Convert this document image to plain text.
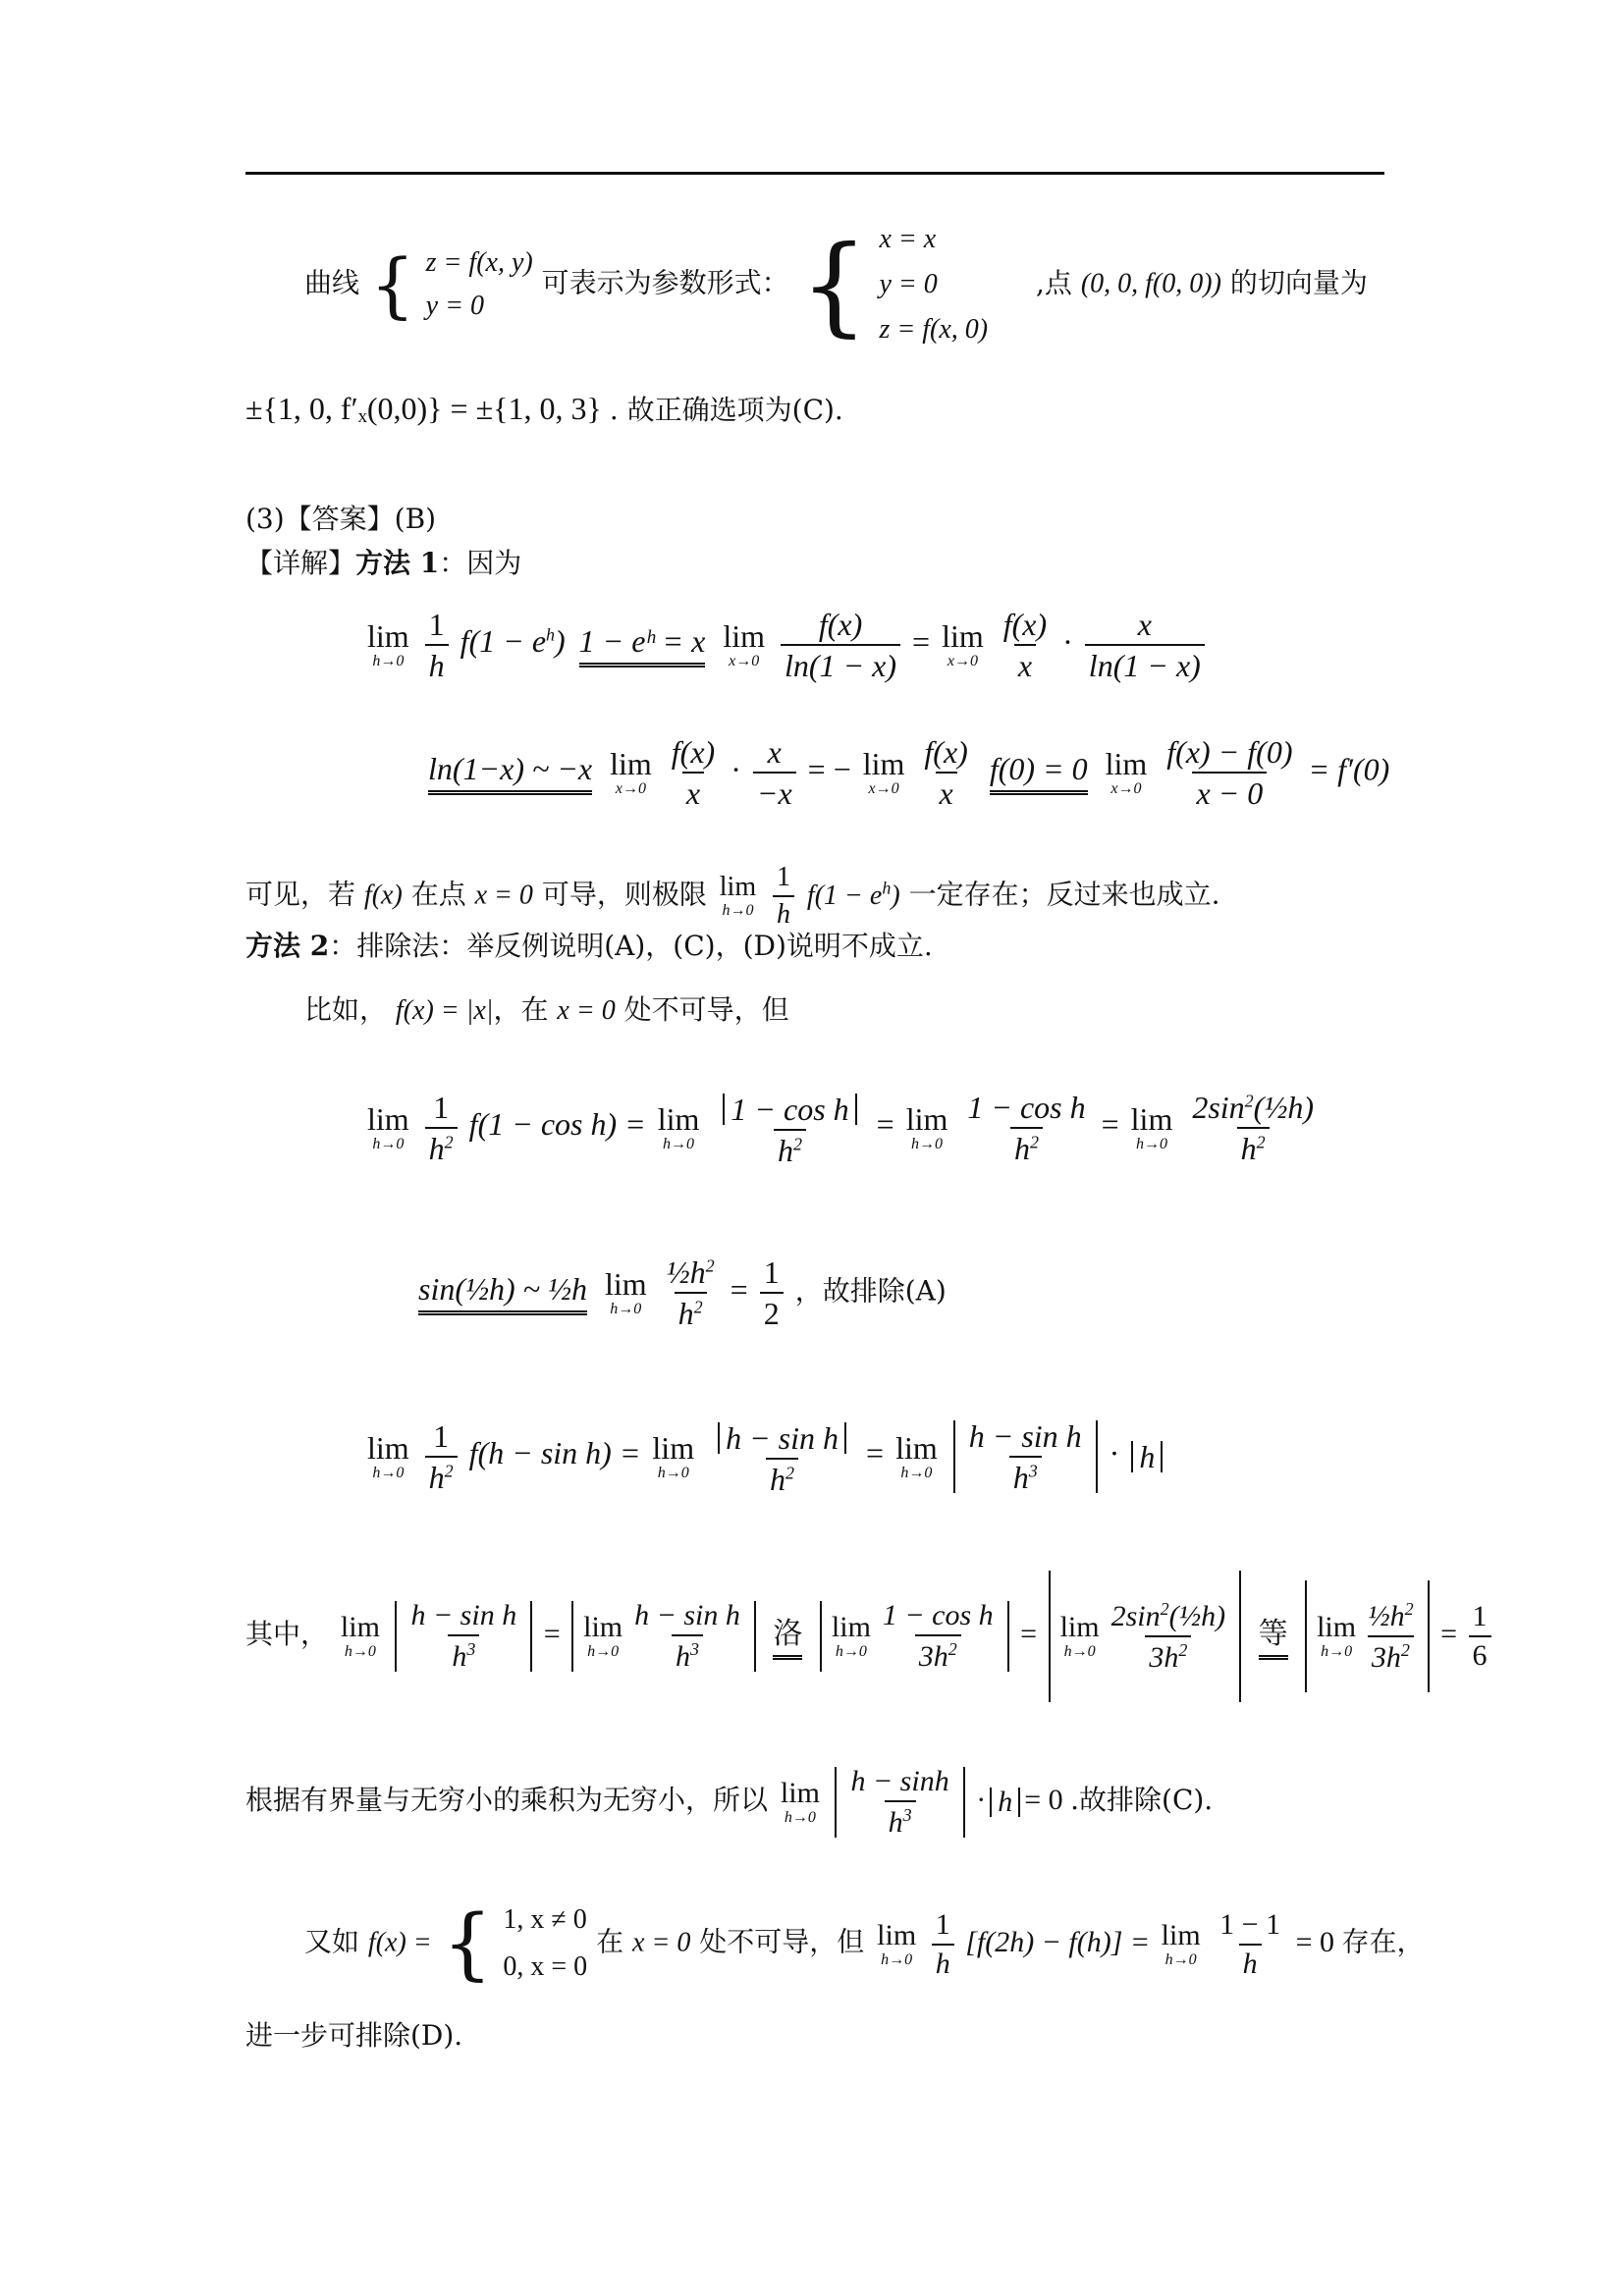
曲线 { z = f(x, y)
y = 0
可表示为参数形式： { x = x
y = 0
z = f(x, 0)
,点 (0, 0, f(0, 0)) 的切向量为
±{1, 0, f′ₓ(0,0)} = ±{1, 0, 3} . 故正确选项为(C).
(3)【答案】(B)
【详解】方法 1：因为
lim
h→0
$\frac{1}{h} f(1 - e^h) 1$ − eʰ = x lim
x→0
$\frac{f(x)}{\ln(1 - x)} = \lim$
x→0
$\frac{f(x)}{x} \cdot \frac{x}{\ln(1 - x)}$
ln(1−x) ~ −x lim
x→0
$\frac{f(x)}{x} \cdot \frac{x}{-x}$ = − lim
x→0
$\frac{f(x)}{x} f(0) = 0$ lim
x→0
$\frac{f(x) - f(0)}{x - 0} = f'(0)$
可见，若 f(x) 在点 x = 0 可导，则极限 lim
h→0
$\frac{1}{h} f(1 - e^h)$ 一定存在；反过来也成立.
方法 2：排除法：举反例说明(A)，(C)，(D)说明不成立.
比如， f(x) = |x|，在 x = 0 处不可导，但
lim
h→0
$\frac{1}{h^2} f(1 - \cos h) = \lim$
h→0
$\frac{\text{1 − cos h}}{h^2} = \lim$
h→0
$\frac{\text{1 − cos h}}{h^2} = \lim$
h→0
$\frac{2\sin^2(\frac{1}{2}h)}{h^2}$
sin(½h) ~ ½h lim
h→0
$\frac{\frac{1}{2}h^2}{h^2} = \frac{1}{2}$ ，故排除(A)
lim
h→0
$\frac{1}{h^2} f(h - \sin h) = \lim$
h→0
$\frac{\text{h − sin h}}{h^2} = \lim$
h→0
$\frac{\text{h − sin h}}{h^3} \cdot h$
其中， lim
h→0
$\frac{\text{h − sin h}}{h^3} = \lim$
$h\to 0 \frac{\text{h − sin h}}{h^3}$ 洛 lim
$h\to 0 \frac{\text{1 − cos h}}{3h^2} = \lim$
$h\to 0 \frac{2\sin^2(\frac{1}{2}h)}{3h^2}$ 等 lim
$h\to 0 \frac{\frac{1}{2}h^2}{3h^2} = \frac{1}{6}$
根据有界量与无穷小的乘积为无穷小，所以 lim
h→0
$\frac{h - \sinh}{h^3} \cdot h = 0$ .故排除(C).
又如 f(x) = { 1, x ≠ 0
0, x = 0
在 x = 0 处不可导，但 lim
h→0
$\frac{1}{h} [f(2h) - f(h)] = \lim$
h→0
$\frac{1 - 1}{h} = 0$ 存在，
进一步可排除(D).
